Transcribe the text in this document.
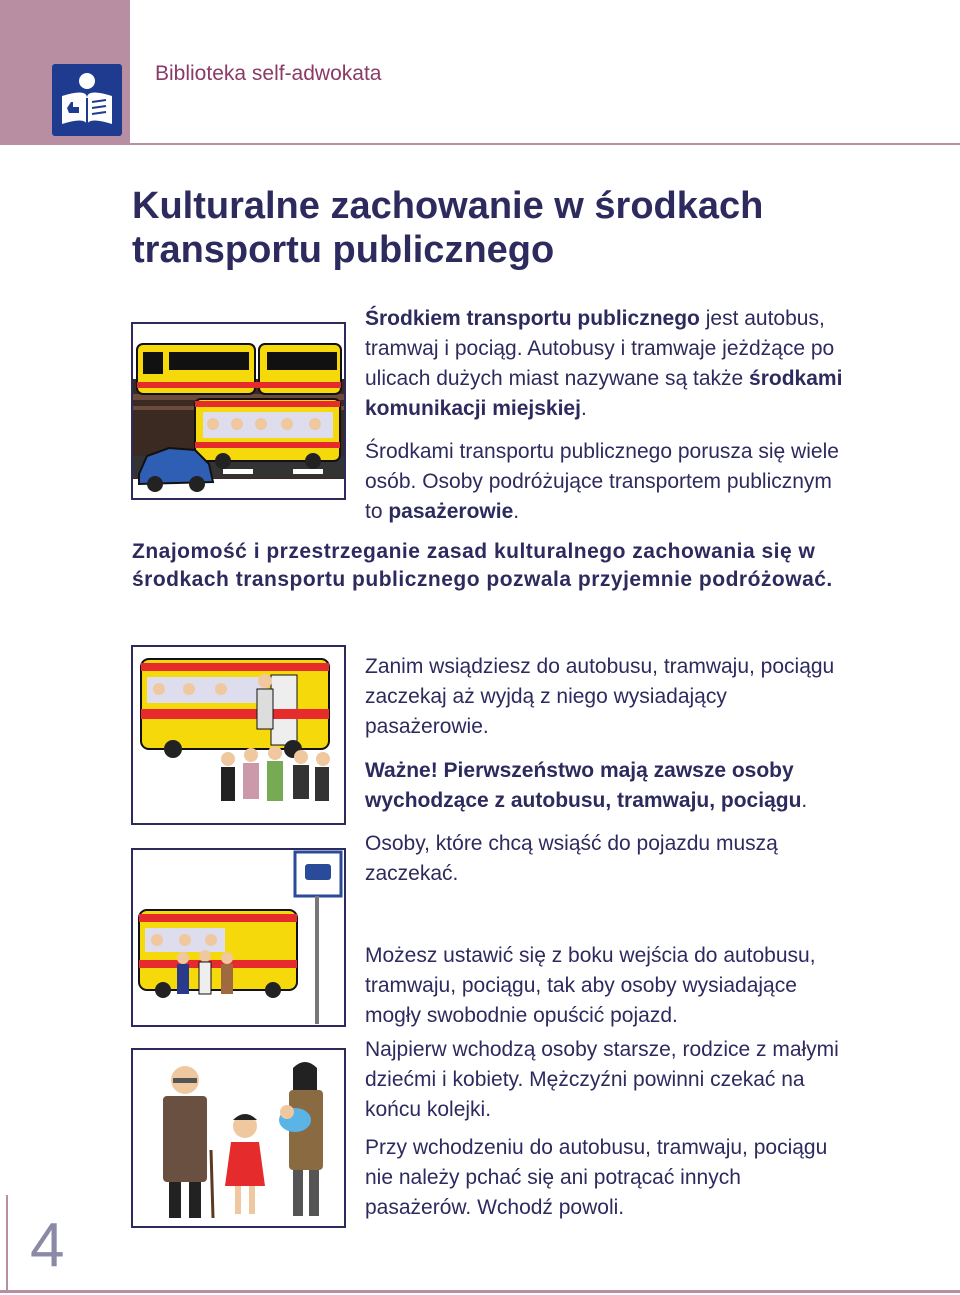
Biblioteka self-adwokata
Kulturalne zachowanie w środkach
transportu publicznego
Środkiem transportu publicznego jest autobus, tramwaj i pociąg. Autobusy i tramwaje jeżdżące po ulicach dużych miast nazywane są także środkami komunikacji miejskiej.
Środkami transportu publicznego porusza się wiele osób. Osoby podróżujące transportem publicznym to pasażerowie.
Znajomość i przestrzeganie zasad kulturalnego zachowania się w środkach transportu publicznego pozwala przyjemnie podróżować.
Zanim wsiądziesz do autobusu, tramwaju, pociągu zaczekaj aż wyjdą z niego wysiadający pasażerowie.
Ważne! Pierwszeństwo mają zawsze osoby wychodzące z autobusu, tramwaju, pociągu.
Osoby, które chcą wsiąść do pojazdu muszą zaczekać.
Możesz ustawić się z boku wejścia do autobusu, tramwaju, pociągu, tak aby osoby wysiadające mogły swobodnie opuścić pojazd.
Najpierw wchodzą osoby starsze, rodzice z małymi dziećmi i kobiety. Mężczyźni powinni czekać na końcu kolejki.
Przy wchodzeniu do autobusu, tramwaju, pociągu nie należy pchać się ani potrącać innych pasażerów. Wchodź powoli.
4
